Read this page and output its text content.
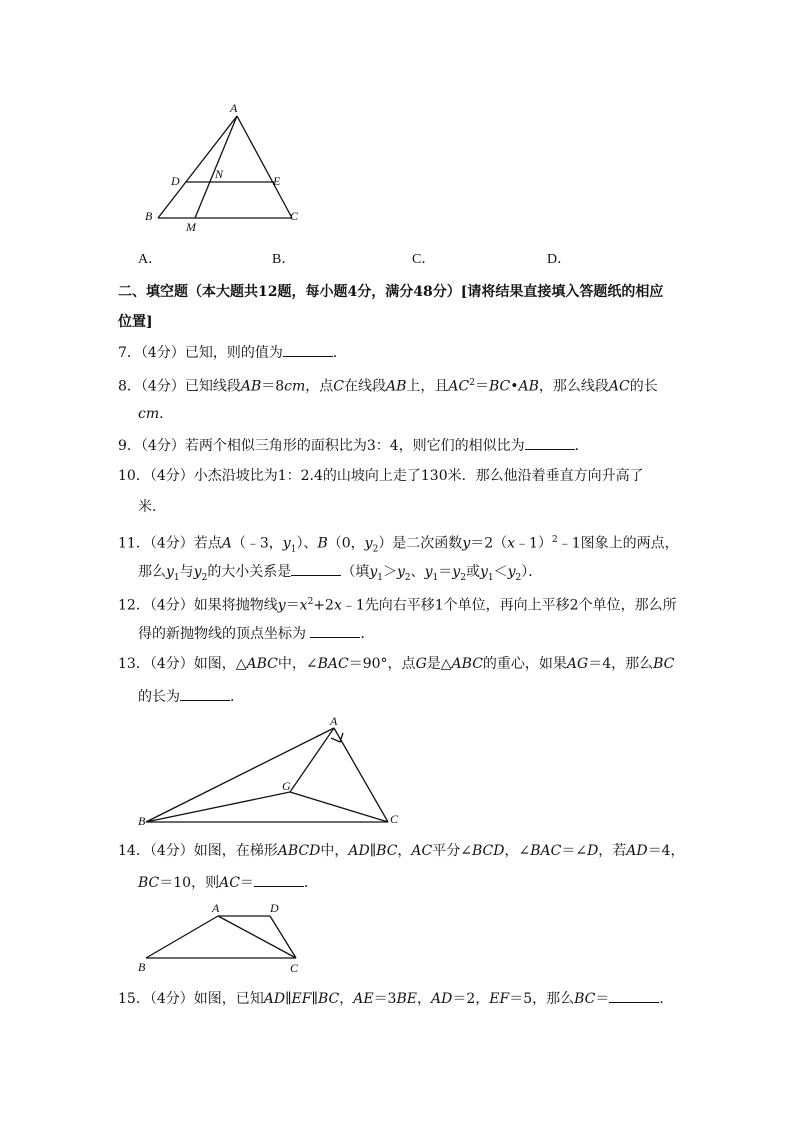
A
D	N	E
B
M
C
A．	B．	C．	D．
二、填空题（本大题共12题，每小题4分，满分48分）[请将结果直接填入答题纸的相应
位置]
7．（4分）已知，则的值为	．
8．（4分）已知线段AB＝8cm，点C在线段AB上，且$AC^2=BC•AB$，那么线段AC的长
cm．
9．（4分）若两个相似三角形的面积比为3：4，则它们的相似比为	．
10．（4分）小杰沿坡比为1：2.4的山坡向上走了130米．那么他沿着垂直方向升高了
米．
11．（4分）若点A（﹣3，$y_1$）、B（0，$y_2$）是二次函数y＝2（x﹣1）$^2$﹣1图象上的两点，
那么$y_1$与$y_2$的大小关系是	（填$y_1>y_2$、$y_1=y_2$或$y_1<y_2$）．
12．（4分）如果将抛物线$y=x^2+2x﹣1$先向右平移1个单位，再向上平移2个单位，那么所
得的新抛物线的顶点坐标为	．
13．（4分）如图，△ABC中，∠BAC＝90°，点G是△ABC的重心，如果AG＝4，那么BC
的长为	．
A
G
B	C
14．（4分）如图，在梯形ABCD中，AD∥BC，AC平分∠BCD，∠BAC＝∠D，若AD＝4，
BC＝10，则AC＝	．
A	D
B	C
15．（4分）如图，已知AD∥EF∥BC，AE＝3BE，AD＝2，EF＝5，那么BC＝	．
